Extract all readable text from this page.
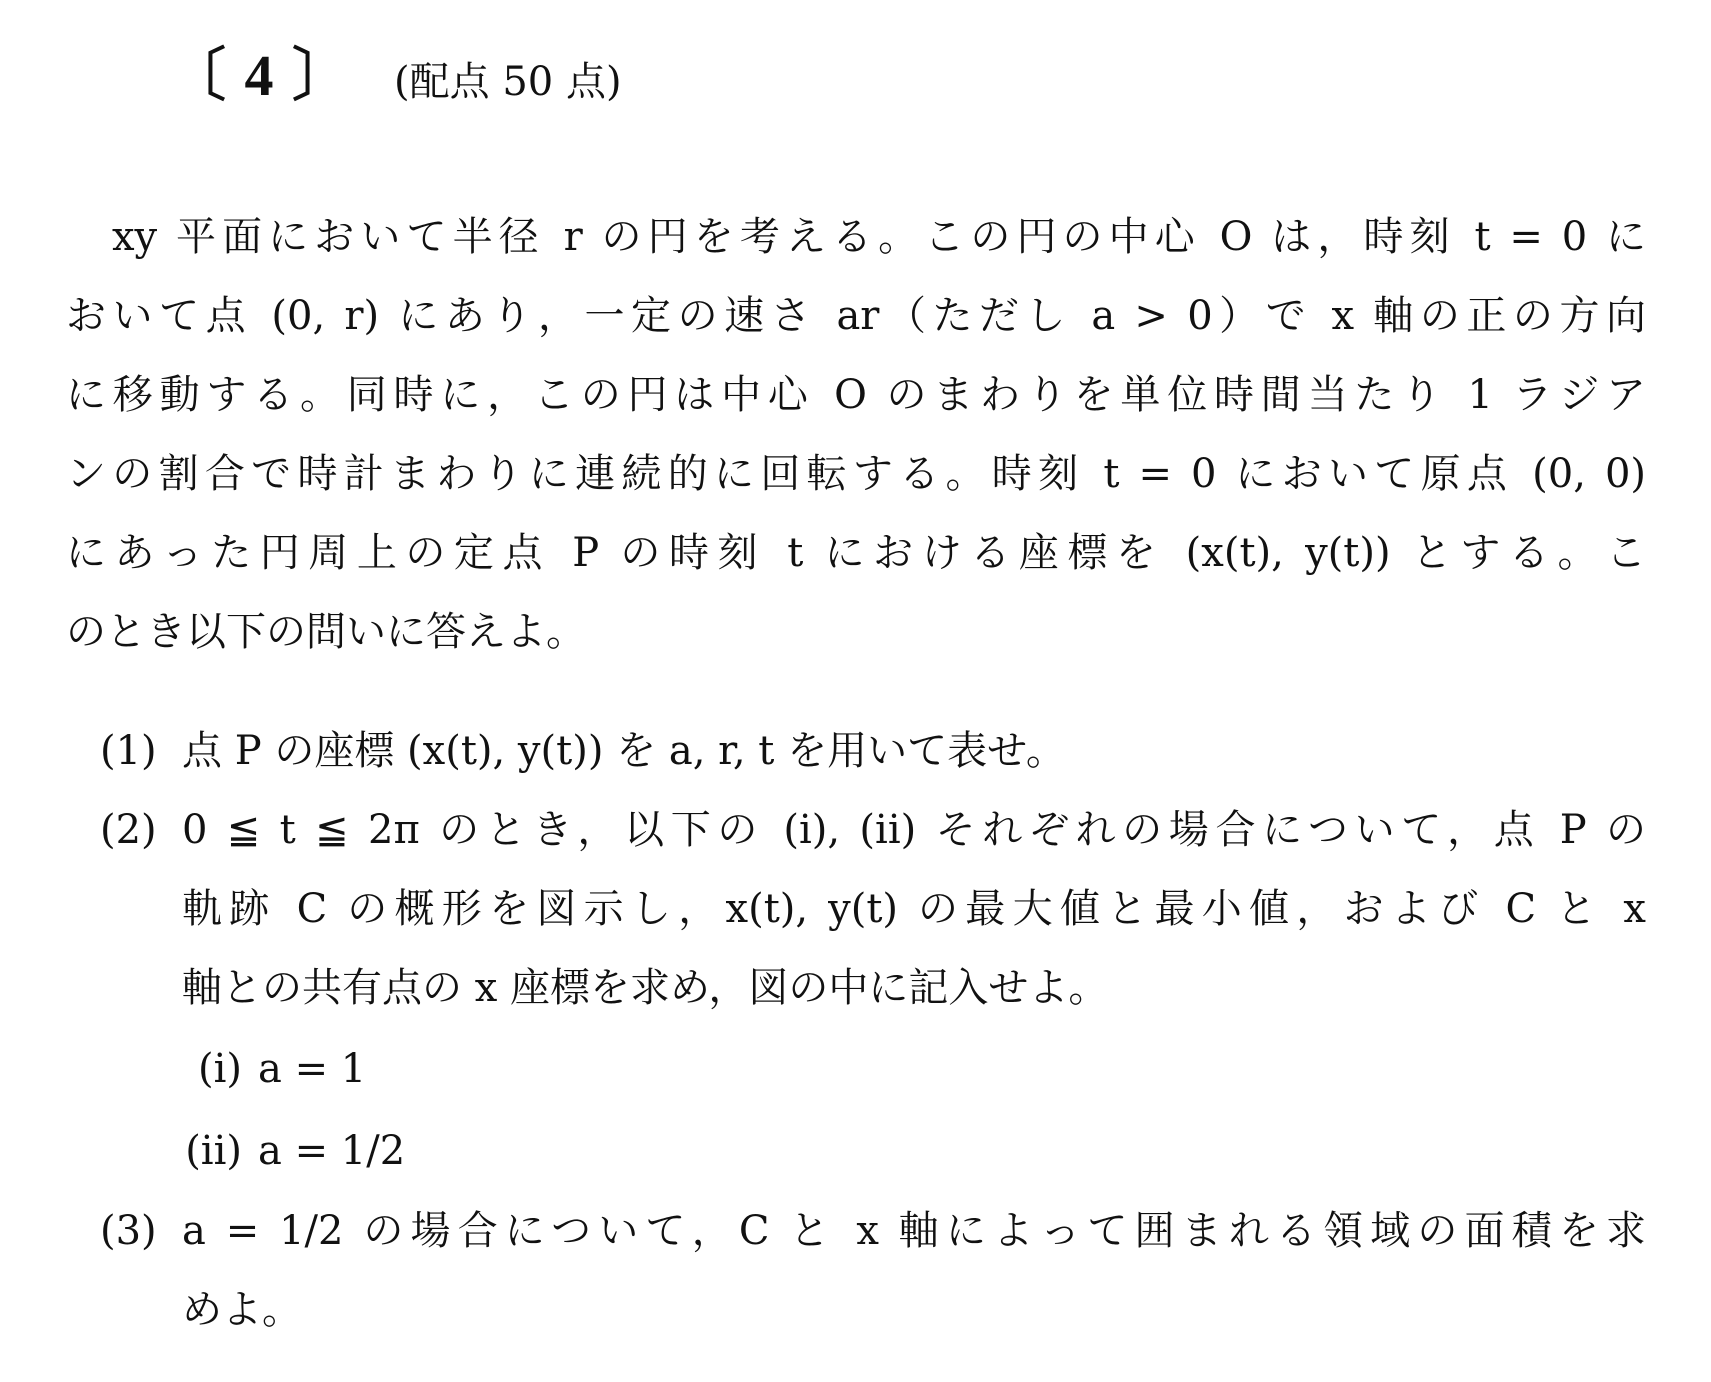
〔 4 〕 (配点 50 点)
xy 平面において半径 r の円を考える。この円の中心 O は，時刻 t = 0 に
おいて点 (0, r) にあり，一定の速さ ar（ただし a > 0）で x 軸の正の方向
に移動する。同時に，この円は中心 O のまわりを単位時間当たり 1 ラジア
ンの割合で時計まわりに連続的に回転する。時刻 t = 0 において原点 (0, 0)
にあった円周上の定点 P の時刻 t における座標を (x(t), y(t)) とする。こ
のとき以下の問いに答えよ。
(1) 点 P の座標 (x(t), y(t)) を a, r, t を用いて表せ。
(2) 0 ≦ t ≦ 2π のとき，以下の (i), (ii) それぞれの場合について，点 P の
軌跡 C の概形を図示し，x(t), y(t) の最大値と最小値，および C と x
軸との共有点の x 座標を求め，図の中に記入せよ。
(i) a = 1
(ii) a = 1/2
(3) a = 1/2 の場合について，C と x 軸によって囲まれる領域の面積を求
めよ。
